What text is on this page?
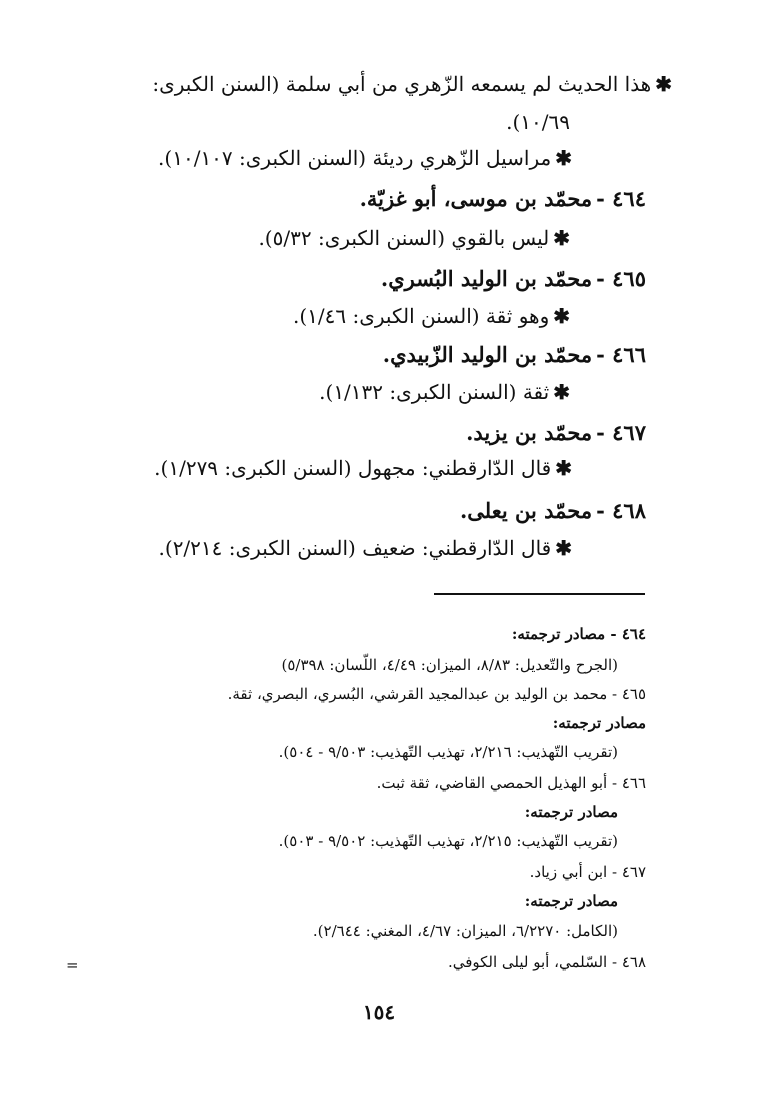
✱هذا الحديث لم يسمعه الزّهري من أبي سلمة (السنن الكبرى:
١٠/٦٩).
✱مراسيل الزّهري رديئة (السنن الكبرى: ١٠/١٠٧).
٤٦٤ -محمّد بن موسى، أبو غزيّة.
✱ليس بالقوي (السنن الكبرى: ٥/٣٢).
٤٦٥ -محمّد بن الوليد البُسري.
✱وهو ثقة (السنن الكبرى: ١/٤٦).
٤٦٦ -محمّد بن الوليد الزّبيدي.
✱ثقة (السنن الكبرى: ١/١٣٢).
٤٦٧ -محمّد بن يزيد.
✱قال الدّارقطني: مجهول (السنن الكبرى: ١/٢٧٩).
٤٦٨ -محمّد بن يعلى.
✱قال الدّارقطني: ضعيف (السنن الكبرى: ٢/٢١٤).
٤٦٤ - مصادر ترجمته:
(الجرح والتّعديل: ٨/٨٣، الميزان: ٤/٤٩، اللّسان: ٥/٣٩٨)
٤٦٥ - محمد بن الوليد بن عبدالمجيد القرشي، البُسري، البصري، ثقة.
مصادر ترجمته:
(تقريب التّهذيب: ٢/٢١٦، تهذيب التّهذيب: ٩/٥٠٣ - ٥٠٤).
٤٦٦ - أبو الهذيل الحمصي القاضي، ثقة ثبت.
مصادر ترجمته:
(تقريب التّهذيب: ٢/٢١٥، تهذيب التّهذيب: ٩/٥٠٢ - ٥٠٣).
٤٦٧ - ابن أبي زياد.
مصادر ترجمته:
(الكامل: ٦/٢٢٧٠، الميزان: ٤/٦٧، المغني: ٢/٦٤٤).
٤٦٨ - السّلمي، أبو ليلى الكوفي.
=
١٥٤
